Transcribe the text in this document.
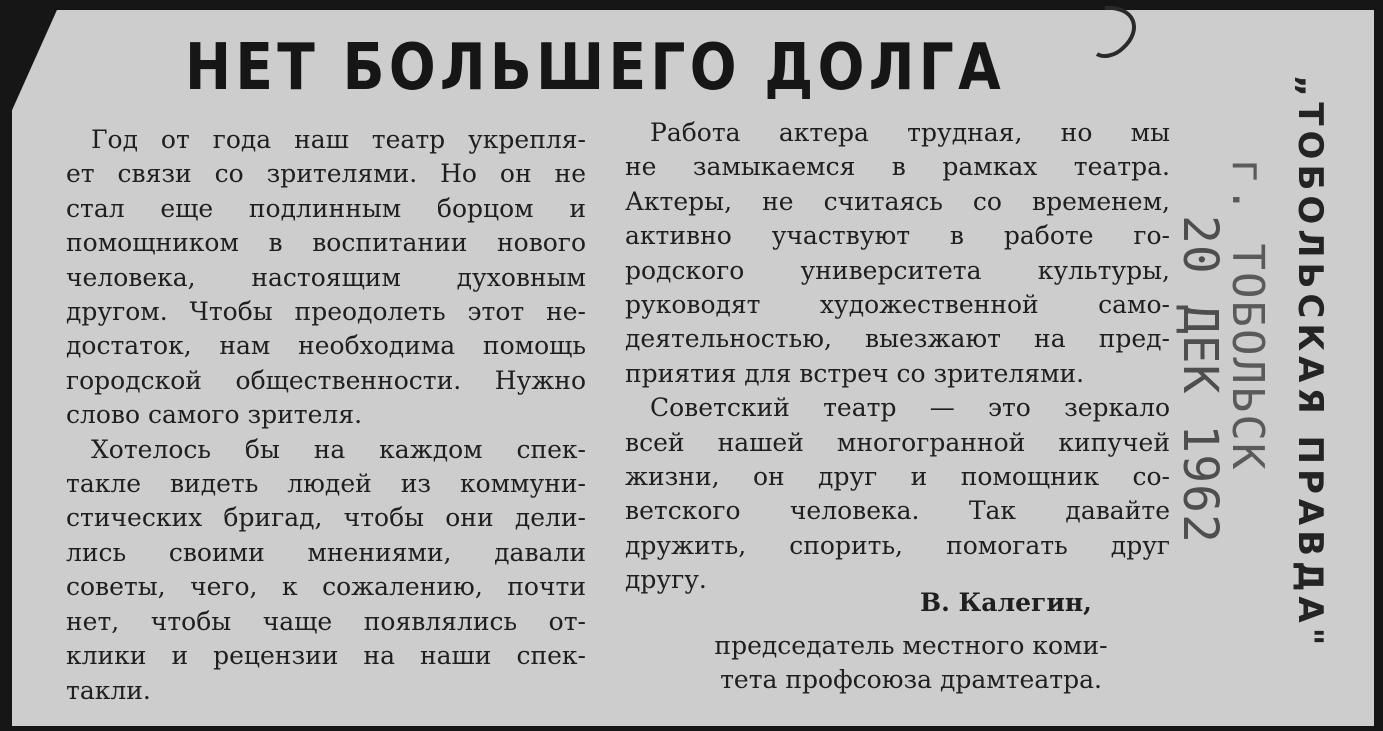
НЕТ БОЛЬШЕГО ДОЛГА
Год от года наш театр укрепля-
ет связи со зрителями. Но он не
стал еще подлинным борцом и
помощником в воспитании нового
человека, настоящим духовным
другом. Чтобы преодолеть этот не-
достаток, нам необходима помощь
городской общественности. Нужно
слово самого зрителя.
Хотелось бы на каждом спек-
такле видеть людей из коммуни-
стических бригад, чтобы они дели-
лись своими мнениями, давали
советы, чего, к сожалению, почти
нет, чтобы чаще появлялись от-
клики и рецензии на наши спек-
такли.
Работа актера трудная, но мы
не замыкаемся в рамках театра.
Актеры, не считаясь со временем,
активно участвуют в работе го-
родского университета культуры,
руководят художественной само-
деятельностью, выезжают на пред-
приятия для встреч со зрителями.
Советский театр — это зеркало
всей нашей многогранной кипучей
жизни, он друг и помощник со-
ветского человека. Так давайте
дружить, спорить, помогать друг
другу.
В. Калегин,
председатель местного коми-
тета профсоюза драмтеатра.
„ТОБОЛЬСКАЯ ПРАВДА"
г. ТОБОЛЬСК
20 ДЕК 1962
